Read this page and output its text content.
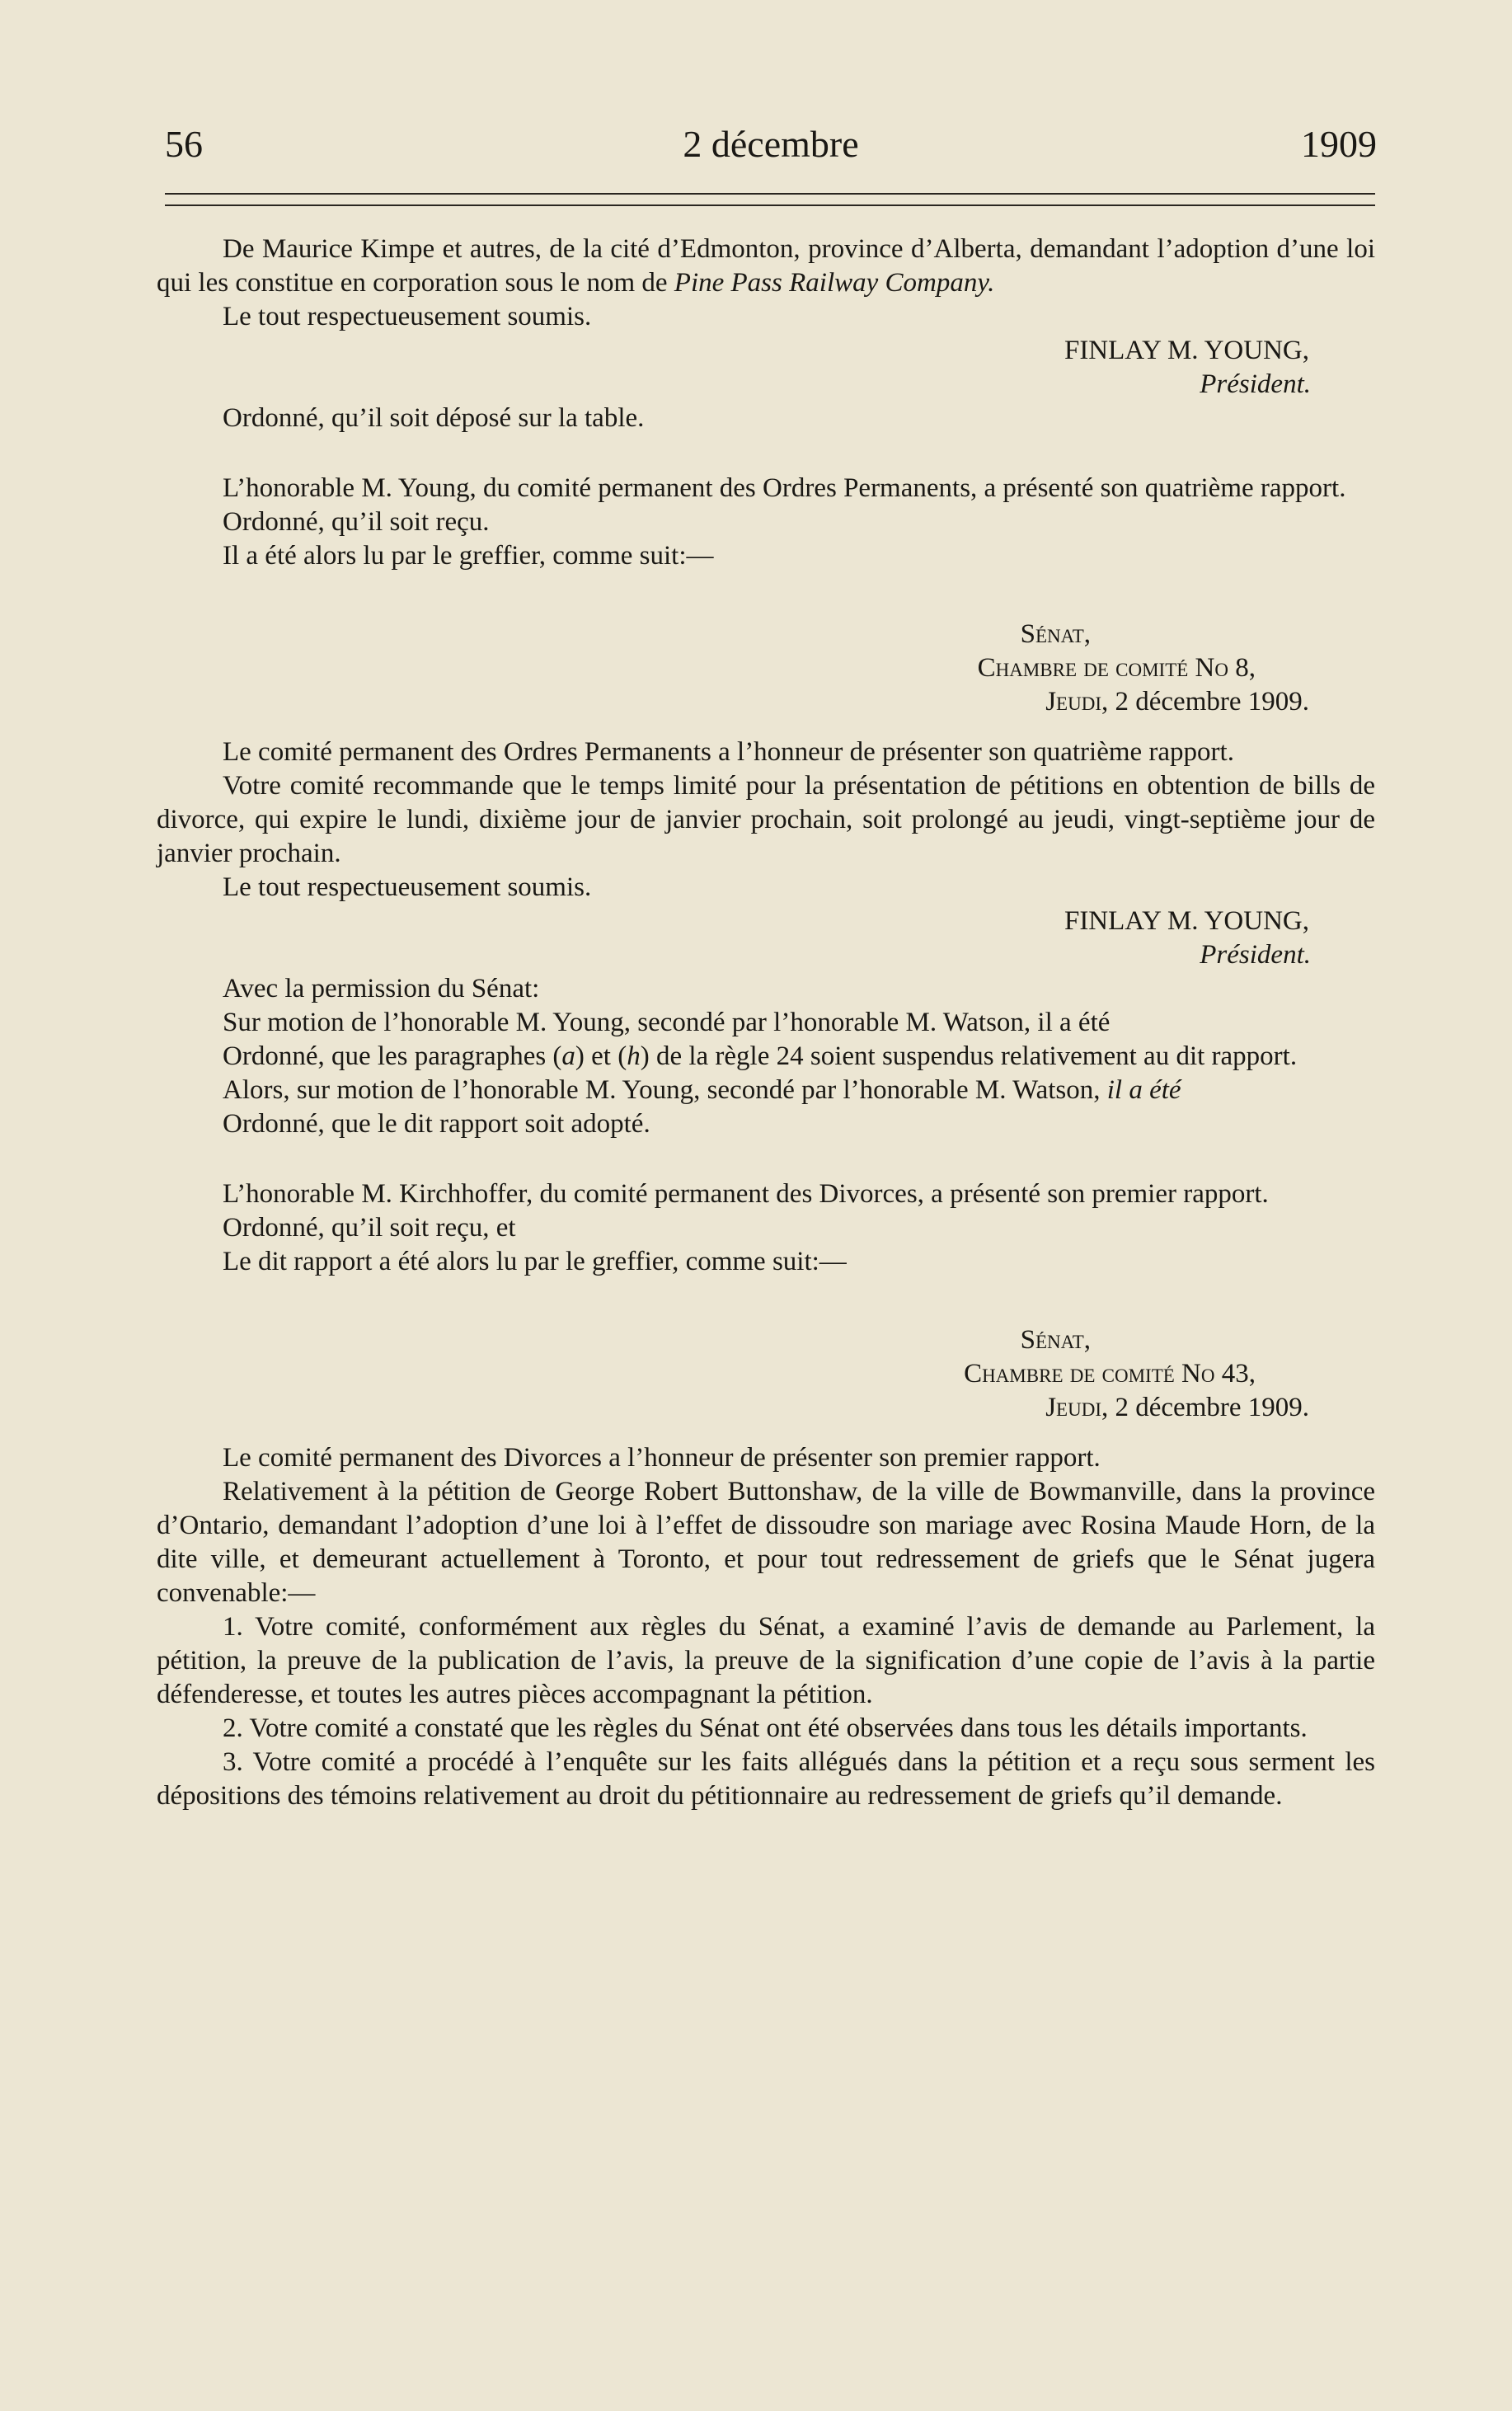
56	2 décembre	1909

De Maurice Kimpe et autres, de la cité d’Edmonton, province d’Alberta, demandant l’adoption d’une loi qui les constitue en corporation sous le nom de Pine Pass Railway Company.

Le tout respectueusement soumis.

FINLAY M. YOUNG,

Président.

Ordonné, qu’il soit déposé sur la table.

L’honorable M. Young, du comité permanent des Ordres Permanents, a présenté son quatrième rapport.

Ordonné, qu’il soit reçu.

Il a été alors lu par le greffier, comme suit:—

Sénat,

Chambre de comité No 8,

Jeudi, 2 décembre 1909.

Le comité permanent des Ordres Permanents a l’honneur de présenter son quatrième rapport.

Votre comité recommande que le temps limité pour la présentation de pétitions en obtention de bills de divorce, qui expire le lundi, dixième jour de janvier prochain, soit prolongé au jeudi, vingt-septième jour de janvier prochain.

Le tout respectueusement soumis.

FINLAY M. YOUNG,

Président.

Avec la permission du Sénat:

Sur motion de l’honorable M. Young, secondé par l’honorable M. Watson, il a été

Ordonné, que les paragraphes (a) et (h) de la règle 24 soient suspendus relativement au dit rapport.

Alors, sur motion de l’honorable M. Young, secondé par l’honorable M. Watson, il a été

Ordonné, que le dit rapport soit adopté.

L’honorable M. Kirchhoffer, du comité permanent des Divorces, a présenté son premier rapport.

Ordonné, qu’il soit reçu, et

Le dit rapport a été alors lu par le greffier, comme suit:—

Sénat,

Chambre de comité No 43,

Jeudi, 2 décembre 1909.

Le comité permanent des Divorces a l’honneur de présenter son premier rapport.

Relativement à la pétition de George Robert Buttonshaw, de la ville de Bowmanville, dans la province d’Ontario, demandant l’adoption d’une loi à l’effet de dissoudre son mariage avec Rosina Maude Horn, de la dite ville, et demeurant actuellement à Toronto, et pour tout redressement de griefs que le Sénat jugera convenable:—

1. Votre comité, conformément aux règles du Sénat, a examiné l’avis de demande au Parlement, la pétition, la preuve de la publication de l’avis, la preuve de la signification d’une copie de l’avis à la partie défenderesse, et toutes les autres pièces accompagnant la pétition.

2. Votre comité a constaté que les règles du Sénat ont été observées dans tous les détails importants.

3. Votre comité a procédé à l’enquête sur les faits allégués dans la pétition et a reçu sous serment les dépositions des témoins relativement au droit du pétitionnaire au redressement de griefs qu’il demande.
